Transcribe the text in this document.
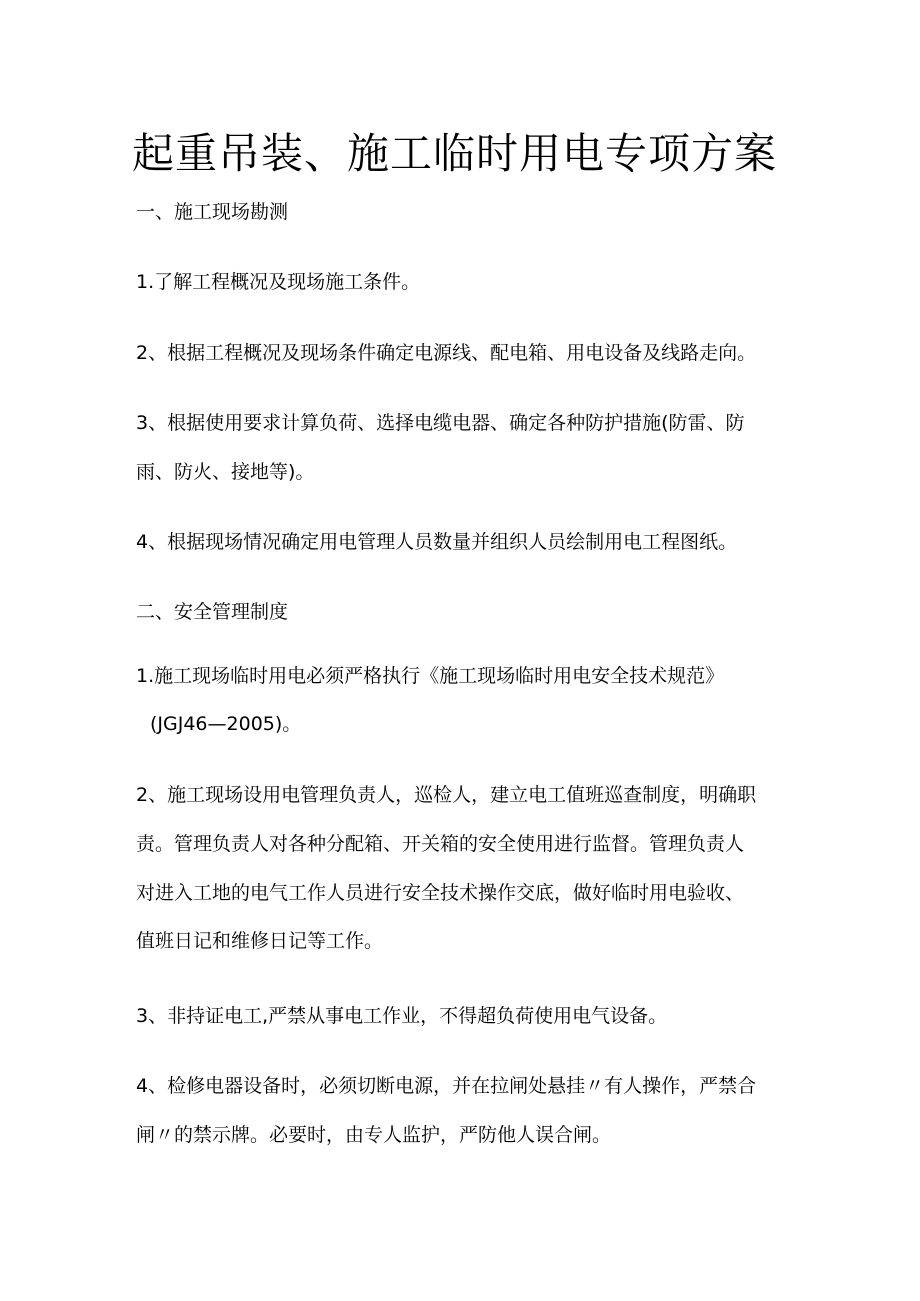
起重吊装、施工临时用电专项方案

一、施工现场勘测

1.了解工程概况及现场施工条件。

2、根据工程概况及现场条件确定电源线、配电箱、用电设备及线路走向。

3、根据使用要求计算负荷、选择电缆电器、确定各种防护措施(防雷、防

雨、防火、接地等)。

4、根据现场情况确定用电管理人员数量并组织人员绘制用电工程图纸。

二、安全管理制度

1.施工现场临时用电必须严格执行《施工现场临时用电安全技术规范》

(JGJ46—2005)。

2、施工现场设用电管理负责人，巡检人，建立电工值班巡查制度，明确职

责。管理负责人对各种分配箱、开关箱的安全使用进行监督。管理负责人

对进入工地的电气工作人员进行安全技术操作交底，做好临时用电验收、

值班日记和维修日记等工作。

3、非持证电工,严禁从事电工作业，不得超负荷使用电气设备。

4、检修电器设备时，必须切断电源，并在拉闸处悬挂〃有人操作，严禁合

闸〃的禁示牌。必要时，由专人监护，严防他人误合闸。
